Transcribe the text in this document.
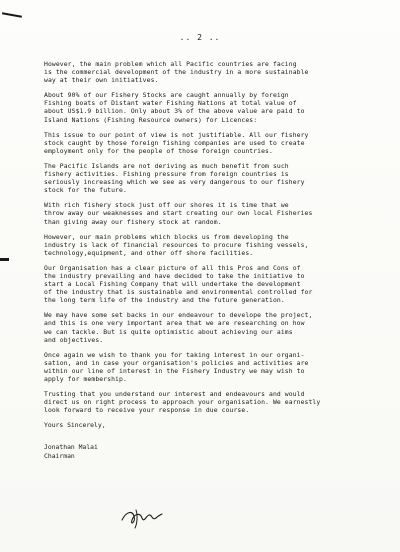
.. 2 ..
However, the main problem which all Pacific countries are facing
is the commercial development of the industry in a more sustainable
way at their own initiatives.
About 90% of our Fishery Stocks are caught annually by foreign
Fishing boats of Distant water Fishing Nations at total value of
about US$1.9 billion. Only about 3% of the above value are paid to
Island Nations (Fishing Resource owners) for Licences:
This issue to our point of view is not justifiable. All our fishery
stock caught by those foreign fishing companies are used to create
employment only for the people of those foreign countries.
The Pacific Islands are not deriving as much benefit from such
fishery activities. Fishing pressure from foreign countries is
seriously increasing which we see as very dangerous to our fishery
stock for the future.
With rich fishery stock just off our shores it is time that we
throw away our weaknesses and start creating our own local Fisheries
than giving away our fishery stock at random.
However, our main problems which blocks us from developing the
industry is lack of financial resources to procure fishing vessels,
technology,equipment, and other off shore facilities.
Our Organisation has a clear picture of all this Pros and Cons of
the industry prevailing and have decided to take the initiative to
start a Local Fishing Company that will undertake the development
of the industry that is sustainable and environmental controlled for
the long term life of the industry and the future generation.
We may have some set backs in our endeavour to develope the project,
and this is one very important area that we are researching on how
we can tackle. But is quite optimistic about achieving our aims
and objectives.
Once again we wish to thank you for taking interest in our organi-
sation, and in case your organisation's policies and activities are
within our line of interest in the Fishery Industry we may wish to
apply for membership.
Trusting that you understand our interest and endeavours and would
direct us on right process to approach your organisation. We earnestly
look forward to receive your response in due course.
Yours Sincerely,
Jonathan Malai
Chairman
